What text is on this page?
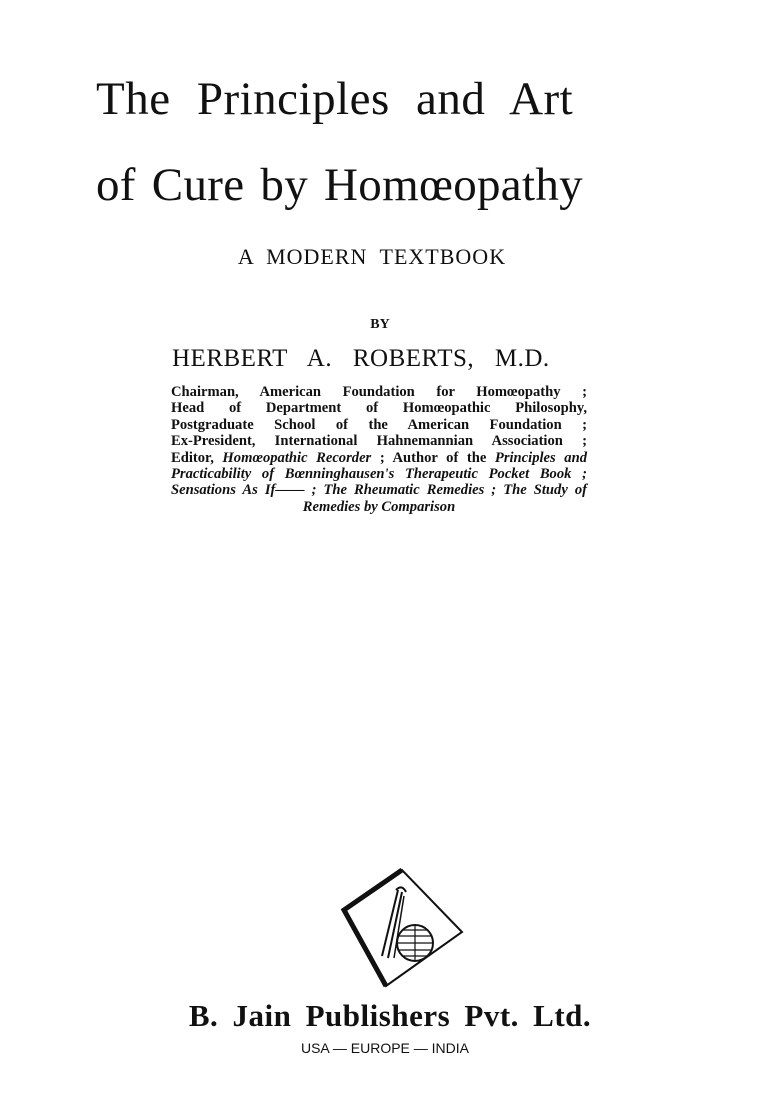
The Principles and Art
of Cure by Homœopathy
A MODERN TEXTBOOK
BY
HERBERT A. ROBERTS, M.D.
Chairman, American Foundation for Homœopathy ;
Head of Department of Homœopathic Philosophy,
Postgraduate School of the American Foundation ;
Ex-President, International Hahnemannian Association ;
Editor, Homœopathic Recorder ; Author of the Principles and
Practicability of Bœnninghausen's Therapeutic Pocket Book ;
Sensations As If—— ; The Rheumatic Remedies ; The Study of
Remedies by Comparison
B. Jain Publishers Pvt. Ltd.
USA — EUROPE — INDIA
